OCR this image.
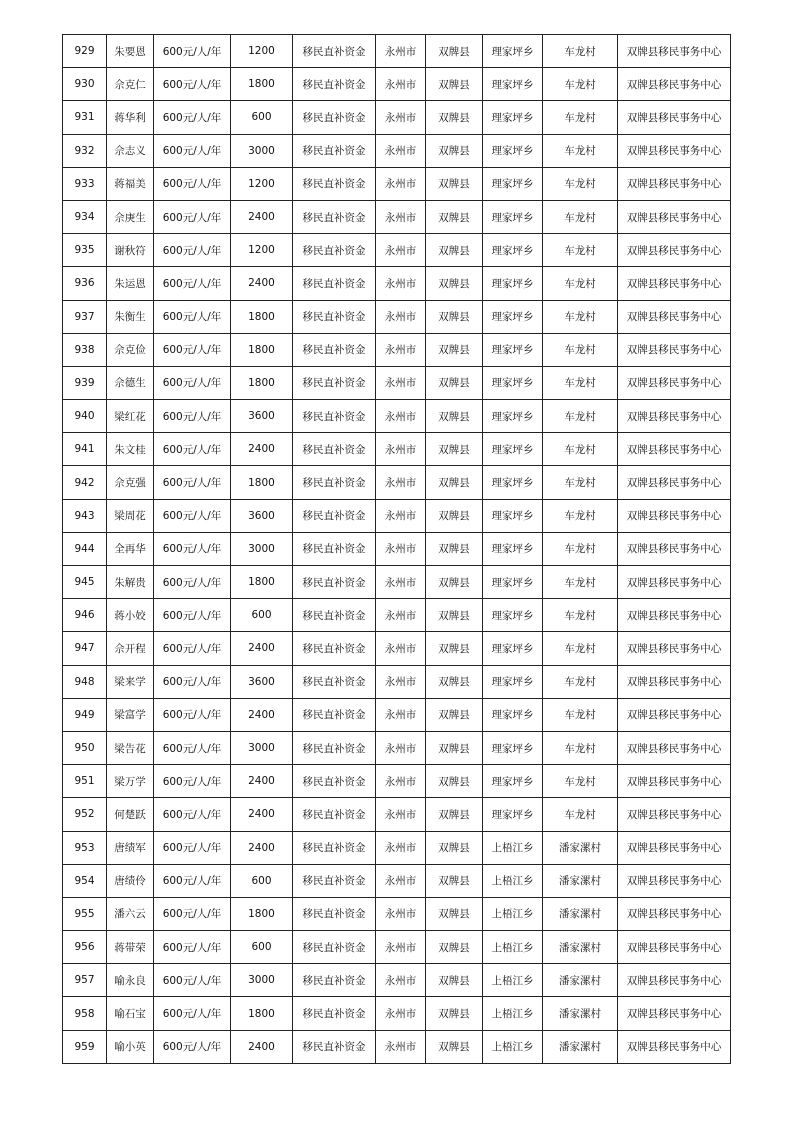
929	朱要恩	600元/人/年	1200	移民直补资金	永州市	双牌县	理家坪乡	车龙村	双牌县移民事务中心
930	佘克仁	600元/人/年	1800	移民直补资金	永州市	双牌县	理家坪乡	车龙村	双牌县移民事务中心
931	蒋华利	600元/人/年	600	移民直补资金	永州市	双牌县	理家坪乡	车龙村	双牌县移民事务中心
932	佘志义	600元/人/年	3000	移民直补资金	永州市	双牌县	理家坪乡	车龙村	双牌县移民事务中心
933	蒋福美	600元/人/年	1200	移民直补资金	永州市	双牌县	理家坪乡	车龙村	双牌县移民事务中心
934	佘庚生	600元/人/年	2400	移民直补资金	永州市	双牌县	理家坪乡	车龙村	双牌县移民事务中心
935	谢秋符	600元/人/年	1200	移民直补资金	永州市	双牌县	理家坪乡	车龙村	双牌县移民事务中心
936	朱运恩	600元/人/年	2400	移民直补资金	永州市	双牌县	理家坪乡	车龙村	双牌县移民事务中心
937	朱衡生	600元/人/年	1800	移民直补资金	永州市	双牌县	理家坪乡	车龙村	双牌县移民事务中心
938	佘克俭	600元/人/年	1800	移民直补资金	永州市	双牌县	理家坪乡	车龙村	双牌县移民事务中心
939	佘德生	600元/人/年	1800	移民直补资金	永州市	双牌县	理家坪乡	车龙村	双牌县移民事务中心
940	梁红花	600元/人/年	3600	移民直补资金	永州市	双牌县	理家坪乡	车龙村	双牌县移民事务中心
941	朱文桂	600元/人/年	2400	移民直补资金	永州市	双牌县	理家坪乡	车龙村	双牌县移民事务中心
942	佘克强	600元/人/年	1800	移民直补资金	永州市	双牌县	理家坪乡	车龙村	双牌县移民事务中心
943	梁周花	600元/人/年	3600	移民直补资金	永州市	双牌县	理家坪乡	车龙村	双牌县移民事务中心
944	全再华	600元/人/年	3000	移民直补资金	永州市	双牌县	理家坪乡	车龙村	双牌县移民事务中心
945	朱解贵	600元/人/年	1800	移民直补资金	永州市	双牌县	理家坪乡	车龙村	双牌县移民事务中心
946	蒋小姣	600元/人/年	600	移民直补资金	永州市	双牌县	理家坪乡	车龙村	双牌县移民事务中心
947	佘开程	600元/人/年	2400	移民直补资金	永州市	双牌县	理家坪乡	车龙村	双牌县移民事务中心
948	梁来学	600元/人/年	3600	移民直补资金	永州市	双牌县	理家坪乡	车龙村	双牌县移民事务中心
949	梁富学	600元/人/年	2400	移民直补资金	永州市	双牌县	理家坪乡	车龙村	双牌县移民事务中心
950	梁告花	600元/人/年	3000	移民直补资金	永州市	双牌县	理家坪乡	车龙村	双牌县移民事务中心
951	梁万学	600元/人/年	2400	移民直补资金	永州市	双牌县	理家坪乡	车龙村	双牌县移民事务中心
952	何楚跃	600元/人/年	2400	移民直补资金	永州市	双牌县	理家坪乡	车龙村	双牌县移民事务中心
953	唐绩军	600元/人/年	2400	移民直补资金	永州市	双牌县	上梧江乡	潘家漯村	双牌县移民事务中心
954	唐绩伶	600元/人/年	600	移民直补资金	永州市	双牌县	上梧江乡	潘家漯村	双牌县移民事务中心
955	潘六云	600元/人/年	1800	移民直补资金	永州市	双牌县	上梧江乡	潘家漯村	双牌县移民事务中心
956	蒋带荣	600元/人/年	600	移民直补资金	永州市	双牌县	上梧江乡	潘家漯村	双牌县移民事务中心
957	喻永良	600元/人/年	3000	移民直补资金	永州市	双牌县	上梧江乡	潘家漯村	双牌县移民事务中心
958	喻石宝	600元/人/年	1800	移民直补资金	永州市	双牌县	上梧江乡	潘家漯村	双牌县移民事务中心
959	喻小英	600元/人/年	2400	移民直补资金	永州市	双牌县	上梧江乡	潘家漯村	双牌县移民事务中心
